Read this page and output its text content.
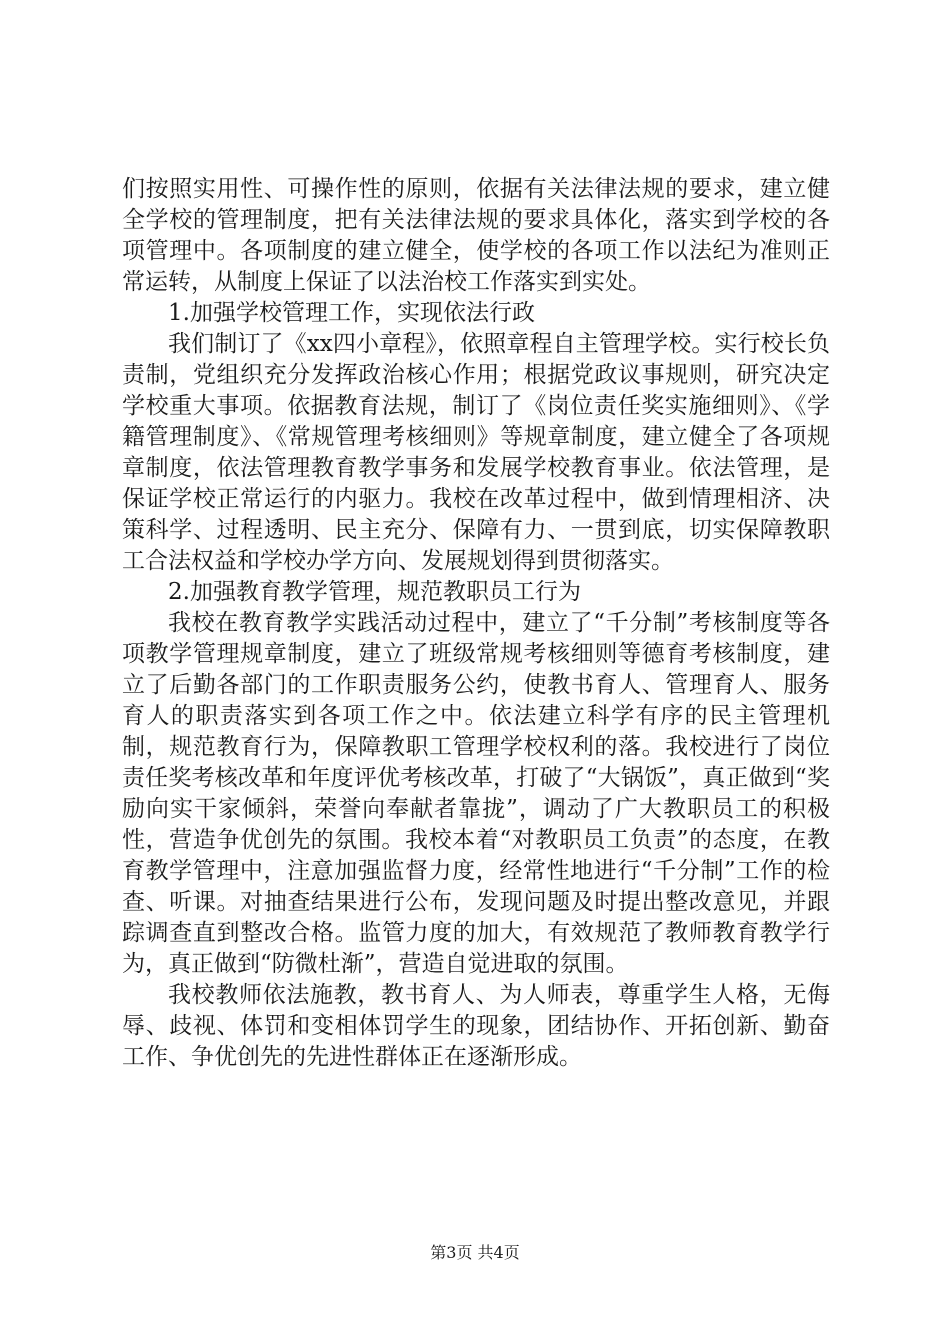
们按照实用性、可操作性的原则，依据有关法律法规的要求，建立健全学校的管理制度，把有关法律法规的要求具体化，落实到学校的各项管理中。各项制度的建立健全，使学校的各项工作以法纪为准则正常运转，从制度上保证了以法治校工作落实到实处。

1.加强学校管理工作，实现依法行政

我们制订了《xx四小章程》，依照章程自主管理学校。实行校长负责制，党组织充分发挥政治核心作用；根据党政议事规则，研究决定学校重大事项。依据教育法规，制订了《岗位责任奖实施细则》、《学籍管理制度》、《常规管理考核细则》等规章制度，建立健全了各项规章制度，依法管理教育教学事务和发展学校教育事业。依法管理，是保证学校正常运行的内驱力。我校在改革过程中，做到情理相济、决策科学、过程透明、民主充分、保障有力、一贯到底，切实保障教职工合法权益和学校办学方向、发展规划得到贯彻落实。

2.加强教育教学管理，规范教职员工行为

我校在教育教学实践活动过程中，建立了“千分制”考核制度等各项教学管理规章制度，建立了班级常规考核细则等德育考核制度，建立了后勤各部门的工作职责服务公约，使教书育人、管理育人、服务育人的职责落实到各项工作之中。依法建立科学有序的民主管理机制，规范教育行为，保障教职工管理学校权利的落。我校进行了岗位责任奖考核改革和年度评优考核改革，打破了“大锅饭”，真正做到“奖励向实干家倾斜，荣誉向奉献者靠拢”，调动了广大教职员工的积极性，营造争优创先的氛围。我校本着“对教职员工负责”的态度，在教育教学管理中，注意加强监督力度，经常性地进行“千分制”工作的检查、听课。对抽查结果进行公布，发现问题及时提出整改意见，并跟踪调查直到整改合格。监管力度的加大，有效规范了教师教育教学行为，真正做到“防微杜渐”，营造自觉进取的氛围。

我校教师依法施教，教书育人、为人师表，尊重学生人格，无侮辱、歧视、体罚和变相体罚学生的现象，团结协作、开拓创新、勤奋工作、争优创先的先进性群体正在逐渐形成。

第3页 共4页
